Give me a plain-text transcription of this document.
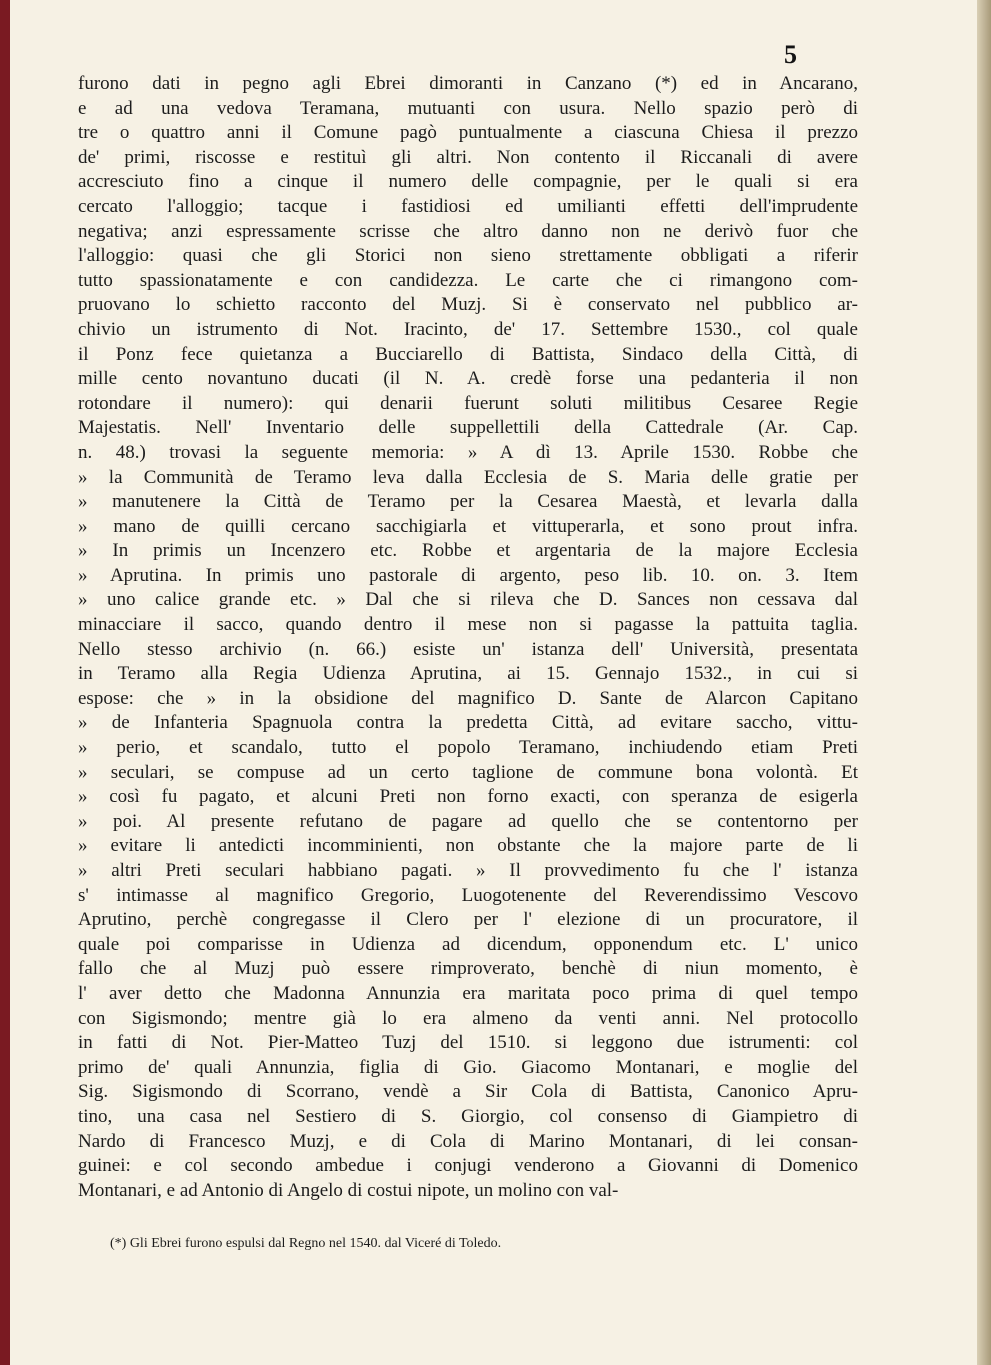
5
furono dati in pegno agli Ebrei dimoranti in Canzano (*) ed in Ancarano,
e ad una vedova Teramana, mutuanti con usura. Nello spazio però di
tre o quattro anni il Comune pagò puntualmente a ciascuna Chiesa il prezzo
de' primi, riscosse e restituì gli altri. Non contento il Riccanali di avere
accresciuto fino a cinque il numero delle compagnie, per le quali si era
cercato l'alloggio; tacque i fastidiosi ed umilianti effetti dell'imprudente
negativa; anzi espressamente scrisse che altro danno non ne derivò fuor che
l'alloggio: quasi che gli Storici non sieno strettamente obbligati a riferir
tutto spassionatamente e con candidezza. Le carte che ci rimangono com-
pruovano lo schietto racconto del Muzj. Si è conservato nel pubblico ar-
chivio un istrumento di Not. Iracinto, de' 17. Settembre 1530., col quale
il Ponz fece quietanza a Bucciarello di Battista, Sindaco della Città, di
mille cento novantuno ducati (il N. A. credè forse una pedanteria il non
rotondare il numero): qui denarii fuerunt soluti militibus Cesaree Regie
Majestatis. Nell' Inventario delle suppellettili della Cattedrale (Ar. Cap.
n. 48.) trovasi la seguente memoria: » A dì 13. Aprile 1530. Robbe che
» la Communità de Teramo leva dalla Ecclesia de S. Maria delle gratie per
» manutenere la Città de Teramo per la Cesarea Maestà, et levarla dalla
» mano de quilli cercano sacchigiarla et vittuperarla, et sono prout infra.
» In primis un Incenzero etc. Robbe et argentaria de la majore Ecclesia
» Aprutina. In primis uno pastorale di argento, peso lib. 10. on. 3. Item
» uno calice grande etc. » Dal che si rileva che D. Sances non cessava dal
minacciare il sacco, quando dentro il mese non si pagasse la pattuita taglia.
Nello stesso archivio (n. 66.) esiste un' istanza dell' Università, presentata
in Teramo alla Regia Udienza Aprutina, ai 15. Gennajo 1532., in cui si
espose: che » in la obsidione del magnifico D. Sante de Alarcon Capitano
» de Infanteria Spagnuola contra la predetta Città, ad evitare saccho, vittu-
» perio, et scandalo, tutto el popolo Teramano, inchiudendo etiam Preti
» seculari, se compuse ad un certo taglione de commune bona volontà. Et
» così fu pagato, et alcuni Preti non forno exacti, con speranza de esigerla
» poi. Al presente refutano de pagare ad quello che se contentorno per
» evitare li antedicti incomminienti, non obstante che la majore parte de li
» altri Preti seculari habbiano pagati. » Il provvedimento fu che l' istanza
s' intimasse al magnifico Gregorio, Luogotenente del Reverendissimo Vescovo
Aprutino, perchè congregasse il Clero per l' elezione di un procuratore, il
quale poi comparisse in Udienza ad dicendum, opponendum etc. L' unico
fallo che al Muzj può essere rimproverato, benchè di niun momento, è
l' aver detto che Madonna Annunzia era maritata poco prima di quel tempo
con Sigismondo; mentre già lo era almeno da venti anni. Nel protocollo
in fatti di Not. Pier-Matteo Tuzj del 1510. si leggono due istrumenti: col
primo de' quali Annunzia, figlia di Gio. Giacomo Montanari, e moglie del
Sig. Sigismondo di Scorrano, vendè a Sir Cola di Battista, Canonico Apru-
tino, una casa nel Sestiero di S. Giorgio, col consenso di Giampietro di
Nardo di Francesco Muzj, e di Cola di Marino Montanari, di lei consan-
guinei: e col secondo ambedue i conjugi venderono a Giovanni di Domenico
Montanari, e ad Antonio di Angelo di costui nipote, un molino con val-
(*) Gli Ebrei furono espulsi dal Regno nel 1540. dal Viceré di Toledo.
